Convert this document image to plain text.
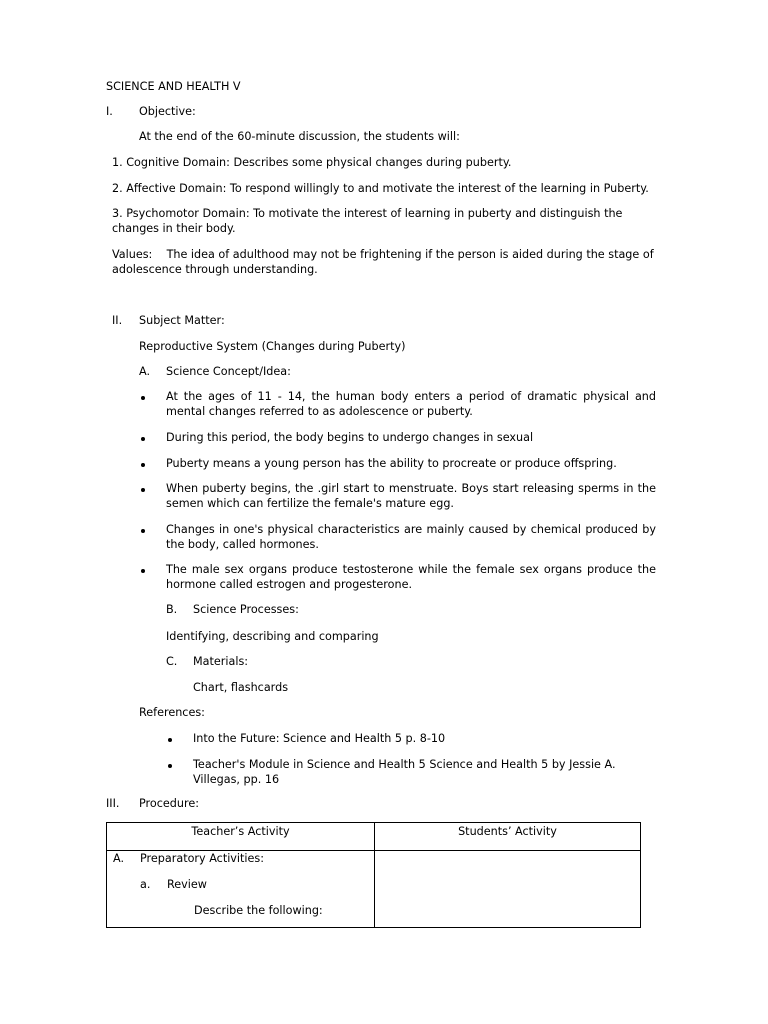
SCIENCE AND HEALTH V
I. Objective:
At the end of the 60-minute discussion, the students will:
1. Cognitive Domain: Describes some physical changes during puberty.
2. Affective Domain: To respond willingly to and motivate the interest of the learning in Puberty.
3. Psychomotor Domain: To motivate the interest of learning in puberty and distinguish the changes in their body.
Values: The idea of adulthood may not be frightening if the person is aided during the stage of adolescence through understanding.
II. Subject Matter:
Reproductive System (Changes during Puberty)
A. Science Concept/Idea:
At the ages of 11 - 14, the human body enters a period of dramatic physical and mental changes referred to as adolescence or puberty.
During this period, the body begins to undergo changes in sexual
Puberty means a young person has the ability to procreate or produce offspring.
When puberty begins, the .girl start to menstruate. Boys start releasing sperms in the semen which can fertilize the female's mature egg.
Changes in one's physical characteristics are mainly caused by chemical produced by the body, called hormones.
The male sex organs produce testosterone while the female sex organs produce the hormone called estrogen and progesterone.
B. Science Processes:
Identifying, describing and comparing
C. Materials:
Chart, flashcards
References:
Into the Future: Science and Health 5 p. 8-10
Teacher's Module in Science and Health 5 Science and Health 5 by Jessie A. Villegas, pp. 16
III. Procedure:
Teacher’s Activity	Students’ Activity
A. Preparatory Activities:
a. Review
Describe the following:
